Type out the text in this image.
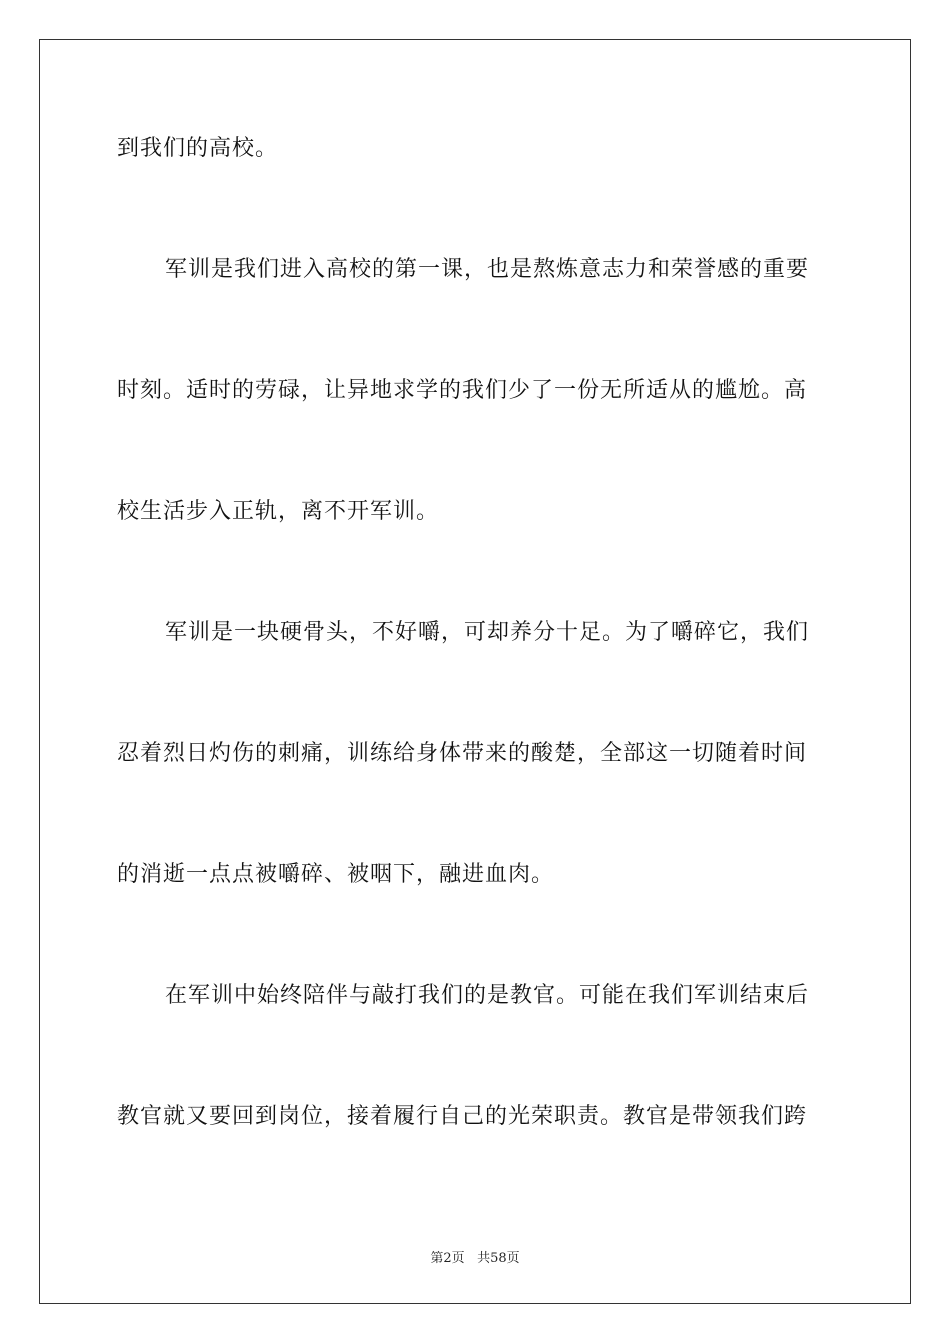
到我们的高校。
军训是我们进入高校的第一课，也是熬炼意志力和荣誉感的重要
时刻。适时的劳碌，让异地求学的我们少了一份无所适从的尴尬。高
校生活步入正轨，离不开军训。
军训是一块硬骨头，不好嚼，可却养分十足。为了嚼碎它，我们
忍着烈日灼伤的刺痛，训练给身体带来的酸楚，全部这一切随着时间
的消逝一点点被嚼碎、被咽下，融进血肉。
在军训中始终陪伴与敲打我们的是教官。可能在我们军训结束后
教官就又要回到岗位，接着履行自己的光荣职责。教官是带领我们跨
第2页 共58页
